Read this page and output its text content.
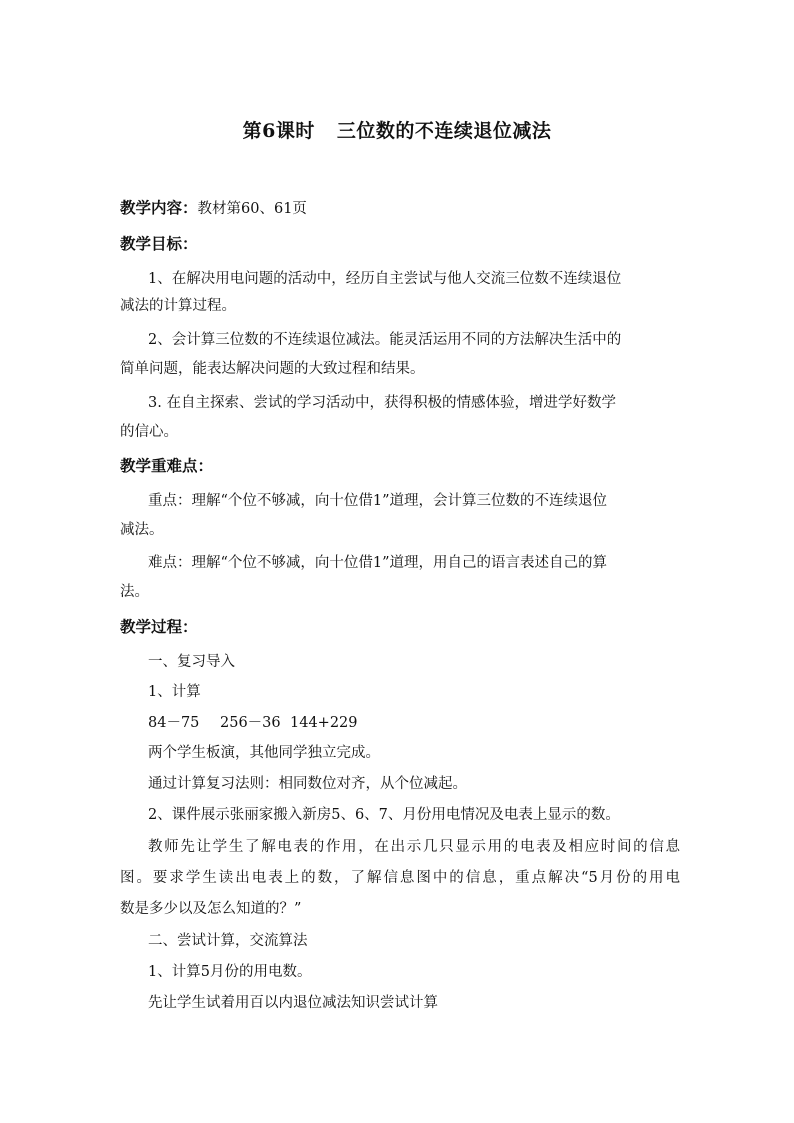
第6课时 三位数的不连续退位减法
教学内容：教材第60、61页
教学目标：
1、在解决用电问题的活动中，经历自主尝试与他人交流三位数不连续退位
减法的计算过程。
2、会计算三位数的不连续退位减法。能灵活运用不同的方法解决生活中的
简单问题，能表达解决问题的大致过程和结果。
3. 在自主探索、尝试的学习活动中，获得积极的情感体验，增进学好数学
的信心。
教学重难点：
重点：理解“个位不够减，向十位借1”道理，会计算三位数的不连续退位
减法。
难点：理解“个位不够减，向十位借1”道理，用自己的语言表述自己的算
法。
教学过程：
一、复习导入
1、计算
84－75 256－36 144+229
两个学生板演，其他同学独立完成。
通过计算复习法则：相同数位对齐，从个位减起。
2、课件展示张丽家搬入新房5、6、7、月份用电情况及电表上显示的数。
教师先让学生了解电表的作用，在出示几只显示用的电表及相应时间的信息
图。要求学生读出电表上的数，了解信息图中的信息，重点解决“5月份的用电
数是多少以及怎么知道的？”
二、尝试计算，交流算法
1、计算5月份的用电数。
先让学生试着用百以内退位减法知识尝试计算
